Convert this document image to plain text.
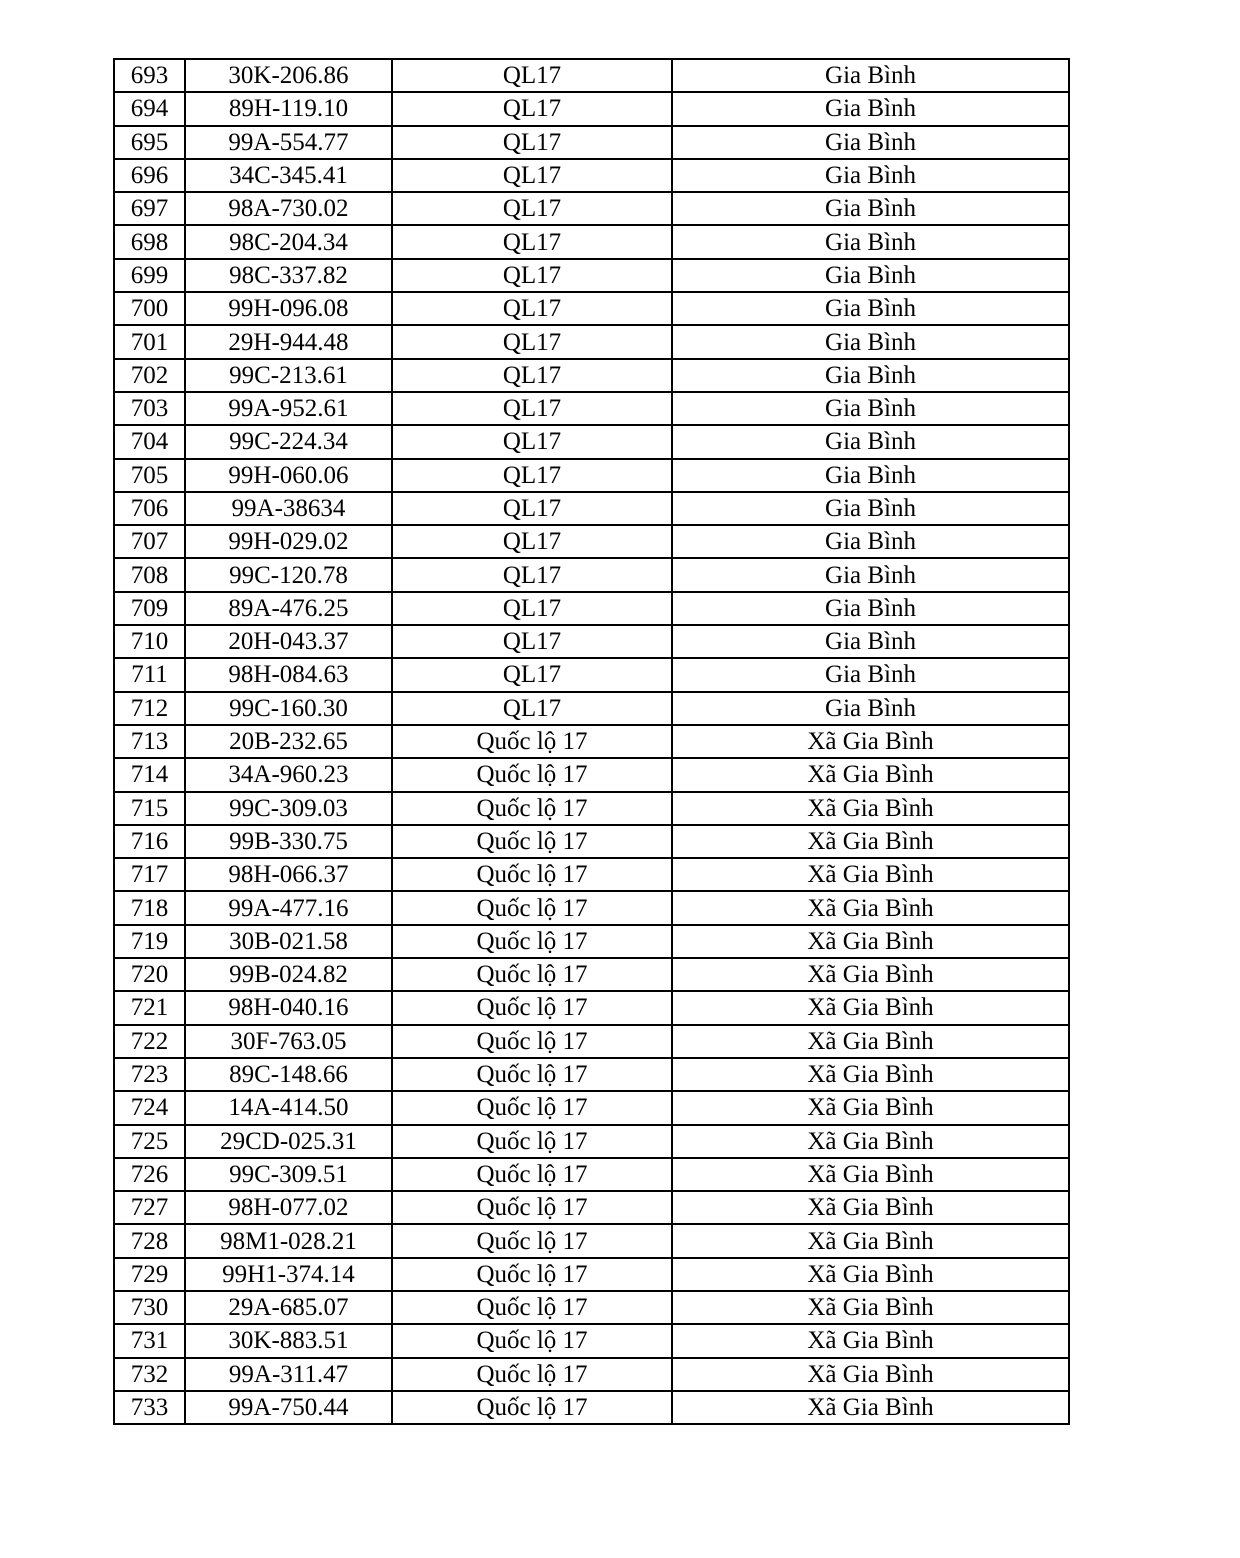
693	30K-206.86	QL17	Gia Bình
694	89H-119.10	QL17	Gia Bình
695	99A-554.77	QL17	Gia Bình
696	34C-345.41	QL17	Gia Bình
697	98A-730.02	QL17	Gia Bình
698	98C-204.34	QL17	Gia Bình
699	98C-337.82	QL17	Gia Bình
700	99H-096.08	QL17	Gia Bình
701	29H-944.48	QL17	Gia Bình
702	99C-213.61	QL17	Gia Bình
703	99A-952.61	QL17	Gia Bình
704	99C-224.34	QL17	Gia Bình
705	99H-060.06	QL17	Gia Bình
706	99A-38634	QL17	Gia Bình
707	99H-029.02	QL17	Gia Bình
708	99C-120.78	QL17	Gia Bình
709	89A-476.25	QL17	Gia Bình
710	20H-043.37	QL17	Gia Bình
711	98H-084.63	QL17	Gia Bình
712	99C-160.30	QL17	Gia Bình
713	20B-232.65	Quốc lộ 17	Xã Gia Bình
714	34A-960.23	Quốc lộ 17	Xã Gia Bình
715	99C-309.03	Quốc lộ 17	Xã Gia Bình
716	99B-330.75	Quốc lộ 17	Xã Gia Bình
717	98H-066.37	Quốc lộ 17	Xã Gia Bình
718	99A-477.16	Quốc lộ 17	Xã Gia Bình
719	30B-021.58	Quốc lộ 17	Xã Gia Bình
720	99B-024.82	Quốc lộ 17	Xã Gia Bình
721	98H-040.16	Quốc lộ 17	Xã Gia Bình
722	30F-763.05	Quốc lộ 17	Xã Gia Bình
723	89C-148.66	Quốc lộ 17	Xã Gia Bình
724	14A-414.50	Quốc lộ 17	Xã Gia Bình
725	29CD-025.31	Quốc lộ 17	Xã Gia Bình
726	99C-309.51	Quốc lộ 17	Xã Gia Bình
727	98H-077.02	Quốc lộ 17	Xã Gia Bình
728	98M1-028.21	Quốc lộ 17	Xã Gia Bình
729	99H1-374.14	Quốc lộ 17	Xã Gia Bình
730	29A-685.07	Quốc lộ 17	Xã Gia Bình
731	30K-883.51	Quốc lộ 17	Xã Gia Bình
732	99A-311.47	Quốc lộ 17	Xã Gia Bình
733	99A-750.44	Quốc lộ 17	Xã Gia Bình
